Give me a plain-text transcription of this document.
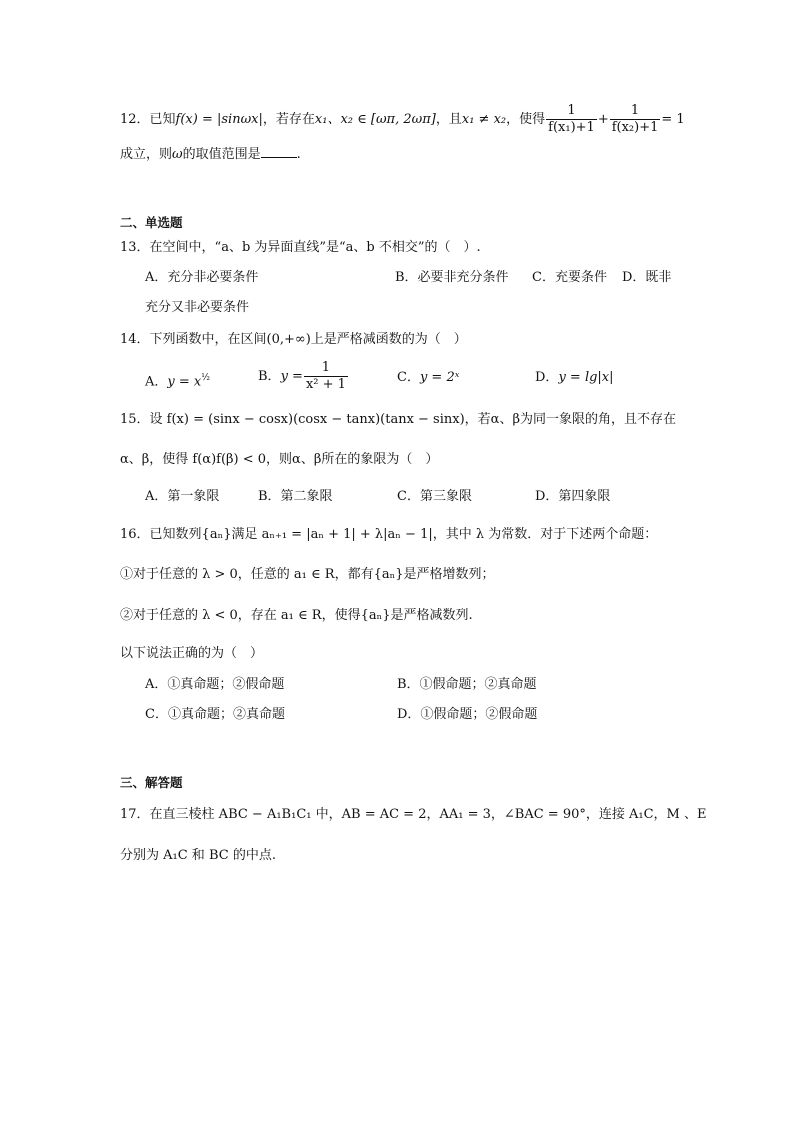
12．已知f(x) = |sinωx|，若存在x₁、x₂ ∈ [ωπ, 2ωπ]，且x₁ ≠ x₂，使得 $\frac{1}{\text{f(x₁)+1}} + \frac{1}{\text{f(x₂)+1}} = 1$
成立，则ω的取值范围是	.
二、单选题
13．在空间中，“a、b 为异面直线”是“a、b 不相交”的（　）.
A．充分非必要条件	B．必要非充分条件 C．充要条件 D．既非
充分又非必要条件
14．下列函数中，在区间(0,+∞)上是严格减函数的为（　）
A．$y = x^{\frac{1}{2}}$	B．$y = \frac{1}{\text{x² + 1}}$	C．y = 2ˣ	D．y = lg|x|
15．设 f(x) = (sinx − cosx)(cosx − tanx)(tanx − sinx)，若α、β为同一象限的角，且不存在
α、β，使得 f(α)f(β) < 0，则α、β所在的象限为（　）
A．第一象限	B．第二象限	C．第三象限	D．第四象限
16．已知数列{aₙ}满足 aₙ₊₁ = |aₙ + 1| + λ|aₙ − 1|，其中 λ 为常数．对于下述两个命题：
①对于任意的 λ > 0，任意的 a₁ ∈ R，都有{aₙ}是严格增数列；
②对于任意的 λ < 0，存在 a₁ ∈ R，使得{aₙ}是严格减数列.
以下说法正确的为（　）
A．①真命题；②假命题	B．①假命题；②真命题
C．①真命题；②真命题	D．①假命题；②假命题
三、解答题
17．在直三棱柱 ABC − A₁B₁C₁ 中，AB = AC = 2，AA₁ = 3，∠BAC = 90°，连接 A₁C，M 、E
分别为 A₁C 和 BC 的中点.
